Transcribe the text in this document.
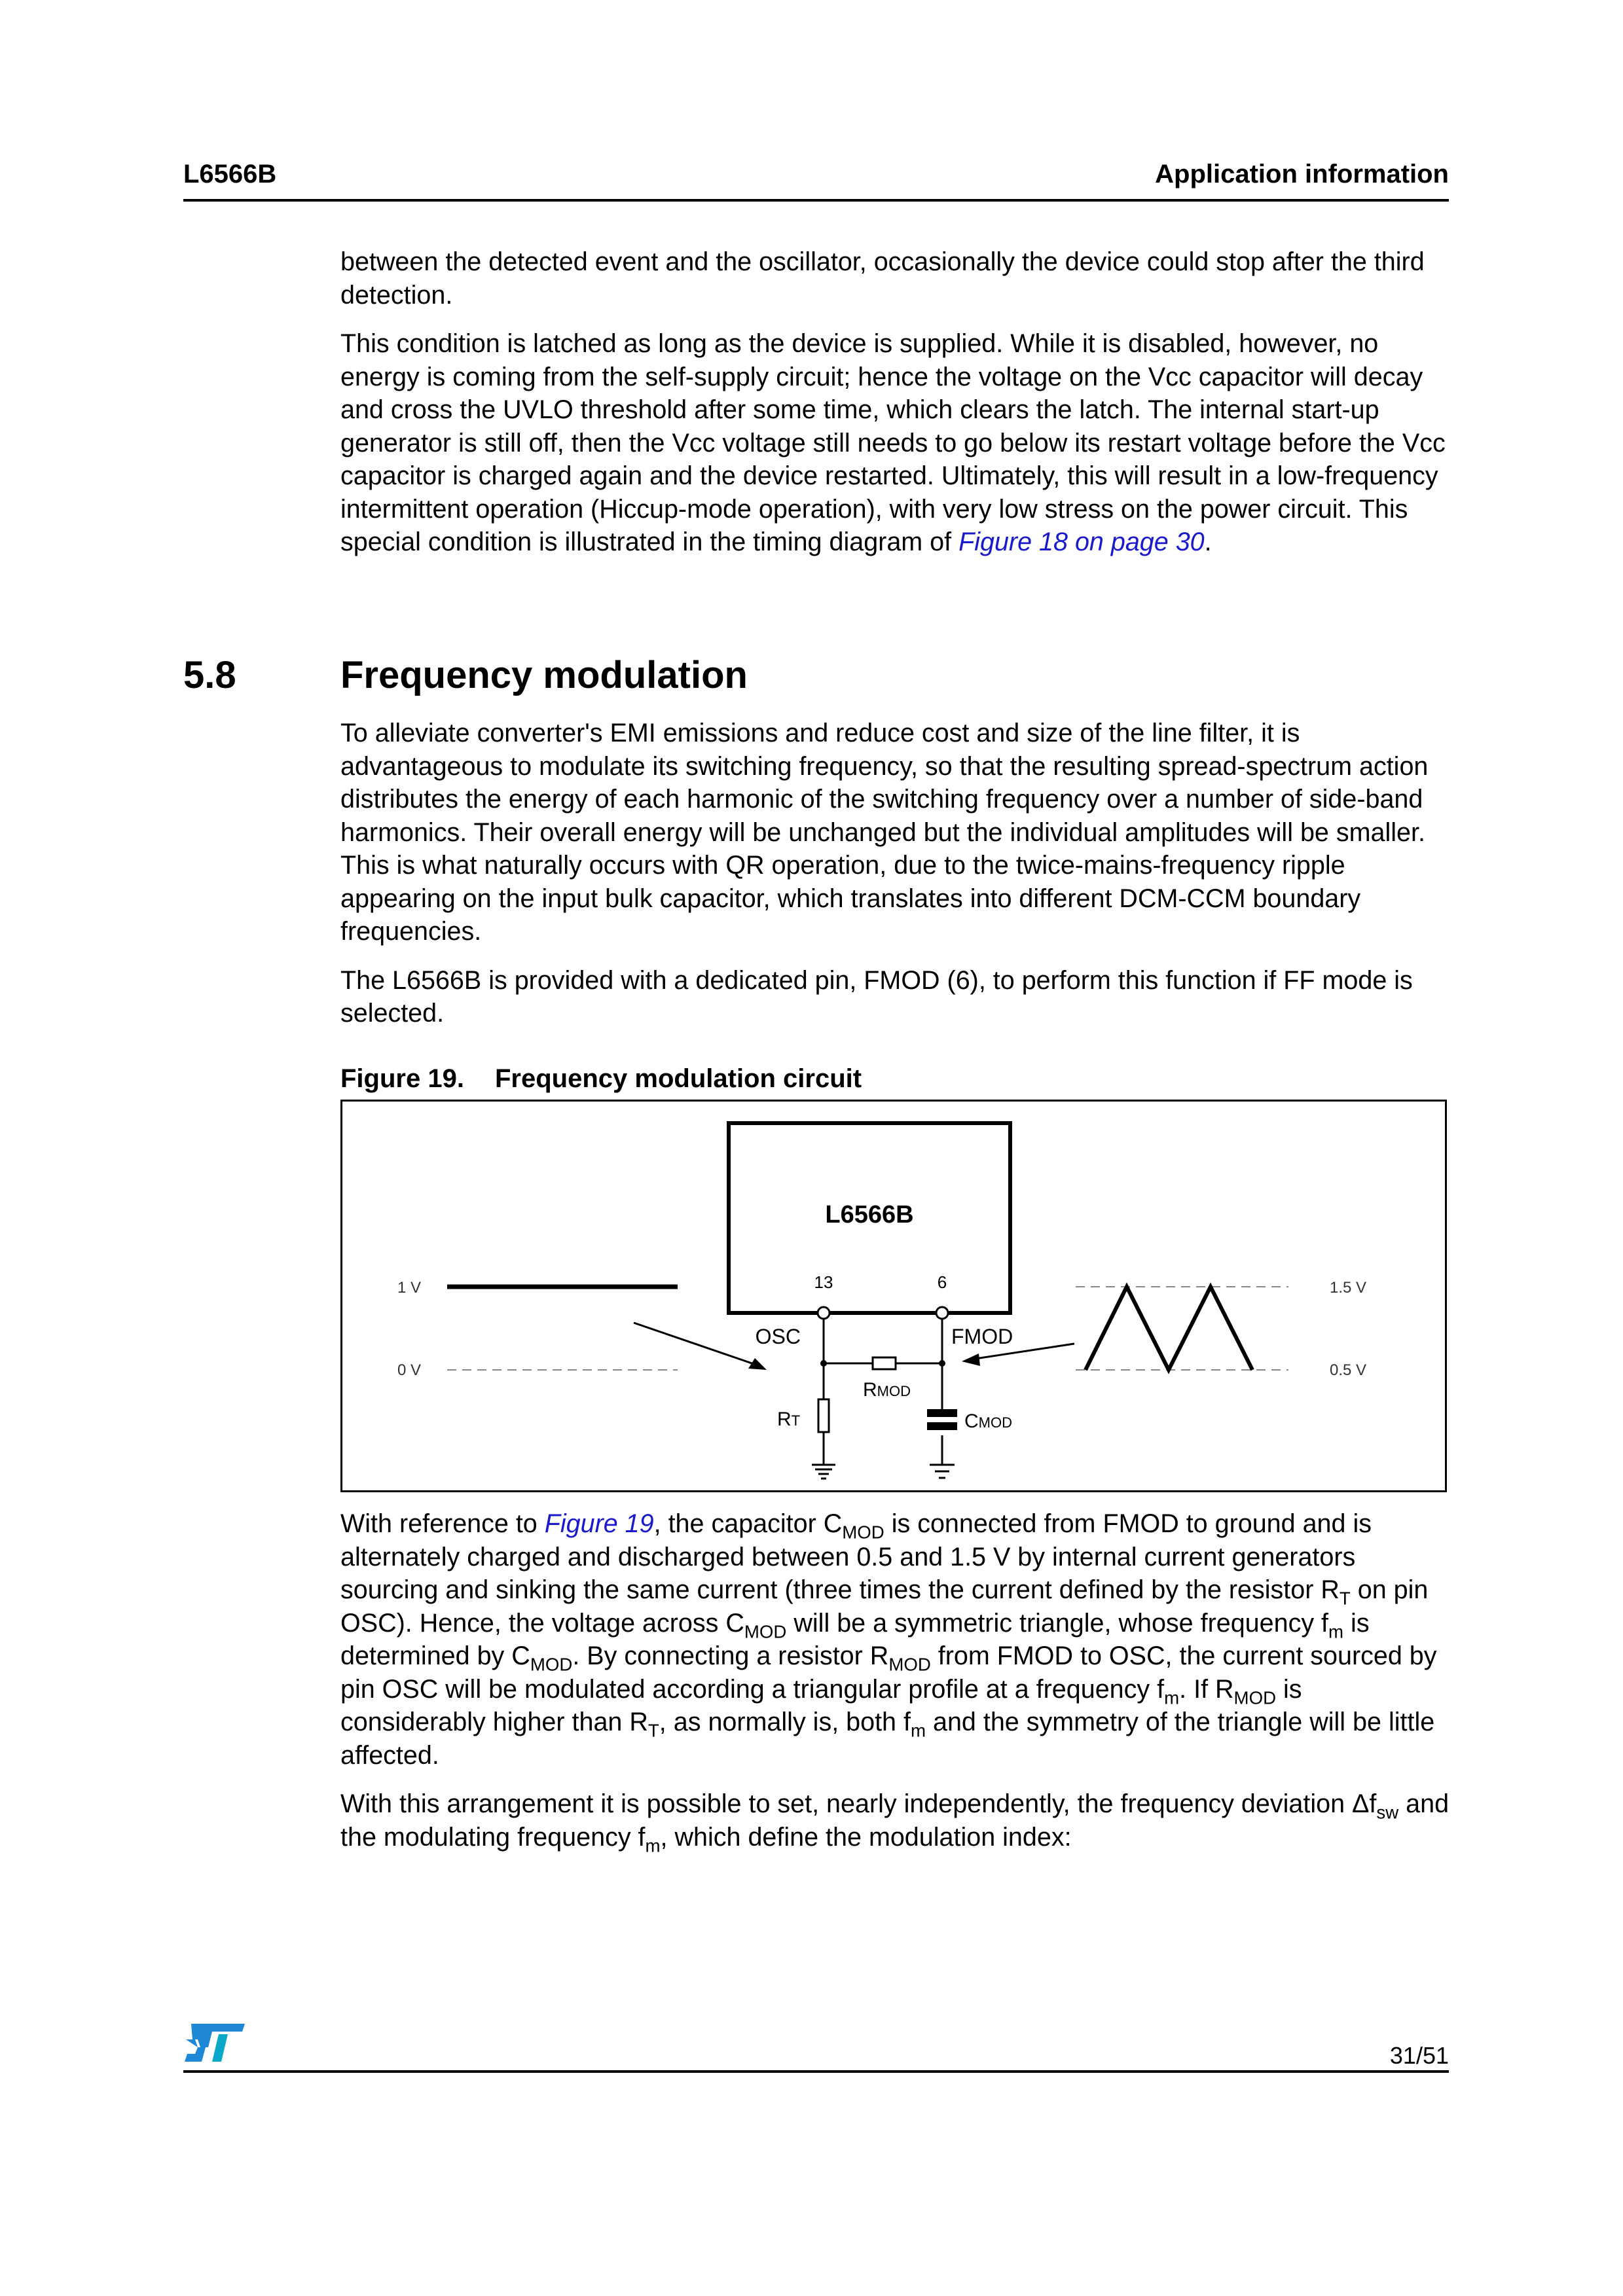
L6566B	Application information

between the detected event and the oscillator, occasionally the device could stop after the third detection.

This condition is latched as long as the device is supplied. While it is disabled, however, no energy is coming from the self-supply circuit; hence the voltage on the Vcc capacitor will decay and cross the UVLO threshold after some time, which clears the latch. The internal start-up generator is still off, then the Vcc voltage still needs to go below its restart voltage before the Vcc capacitor is charged again and the device restarted. Ultimately, this will result in a low-frequency intermittent operation (Hiccup-mode operation), with very low stress on the power circuit. This special condition is illustrated in the timing diagram of Figure 18 on page 30.

5.8	Frequency modulation

To alleviate converter's EMI emissions and reduce cost and size of the line filter, it is advantageous to modulate its switching frequency, so that the resulting spread-spectrum action distributes the energy of each harmonic of the switching frequency over a number of side-band harmonics. Their overall energy will be unchanged but the individual amplitudes will be smaller. This is what naturally occurs with QR operation, due to the twice-mains-frequency ripple appearing on the input bulk capacitor, which translates into different DCM-CCM boundary frequencies.

The L6566B is provided with a dedicated pin, FMOD (6), to perform this function if FF mode is selected.

Figure 19. Frequency modulation circuit
L6566B
13	6
OSC	FMOD
RMOD
RT	CMOD
1 V
0 V
1.5 V
0.5 V

With reference to Figure 19, the capacitor $C_{MOD}$ is connected from FMOD to ground and is alternately charged and discharged between 0.5 and 1.5 V by internal current generators sourcing and sinking the same current (three times the current defined by the resistor $R_T$ on pin OSC). Hence, the voltage across $C_{MOD}$ will be a symmetric triangle, whose frequency $f_m$ is determined by $C_{MOD}$. By connecting a resistor $R_{MOD}$ from FMOD to OSC, the current sourced by pin OSC will be modulated according a triangular profile at a frequency $f_m$. If $R_{MOD}$ is considerably higher than $R_T$, as normally is, both $f_m$ and the symmetry of the triangle will be little affected.

With this arrangement it is possible to set, nearly independently, the frequency deviation $\Delta f_{sw}$ and the modulating frequency $f_m$, which define the modulation index:

31/51
